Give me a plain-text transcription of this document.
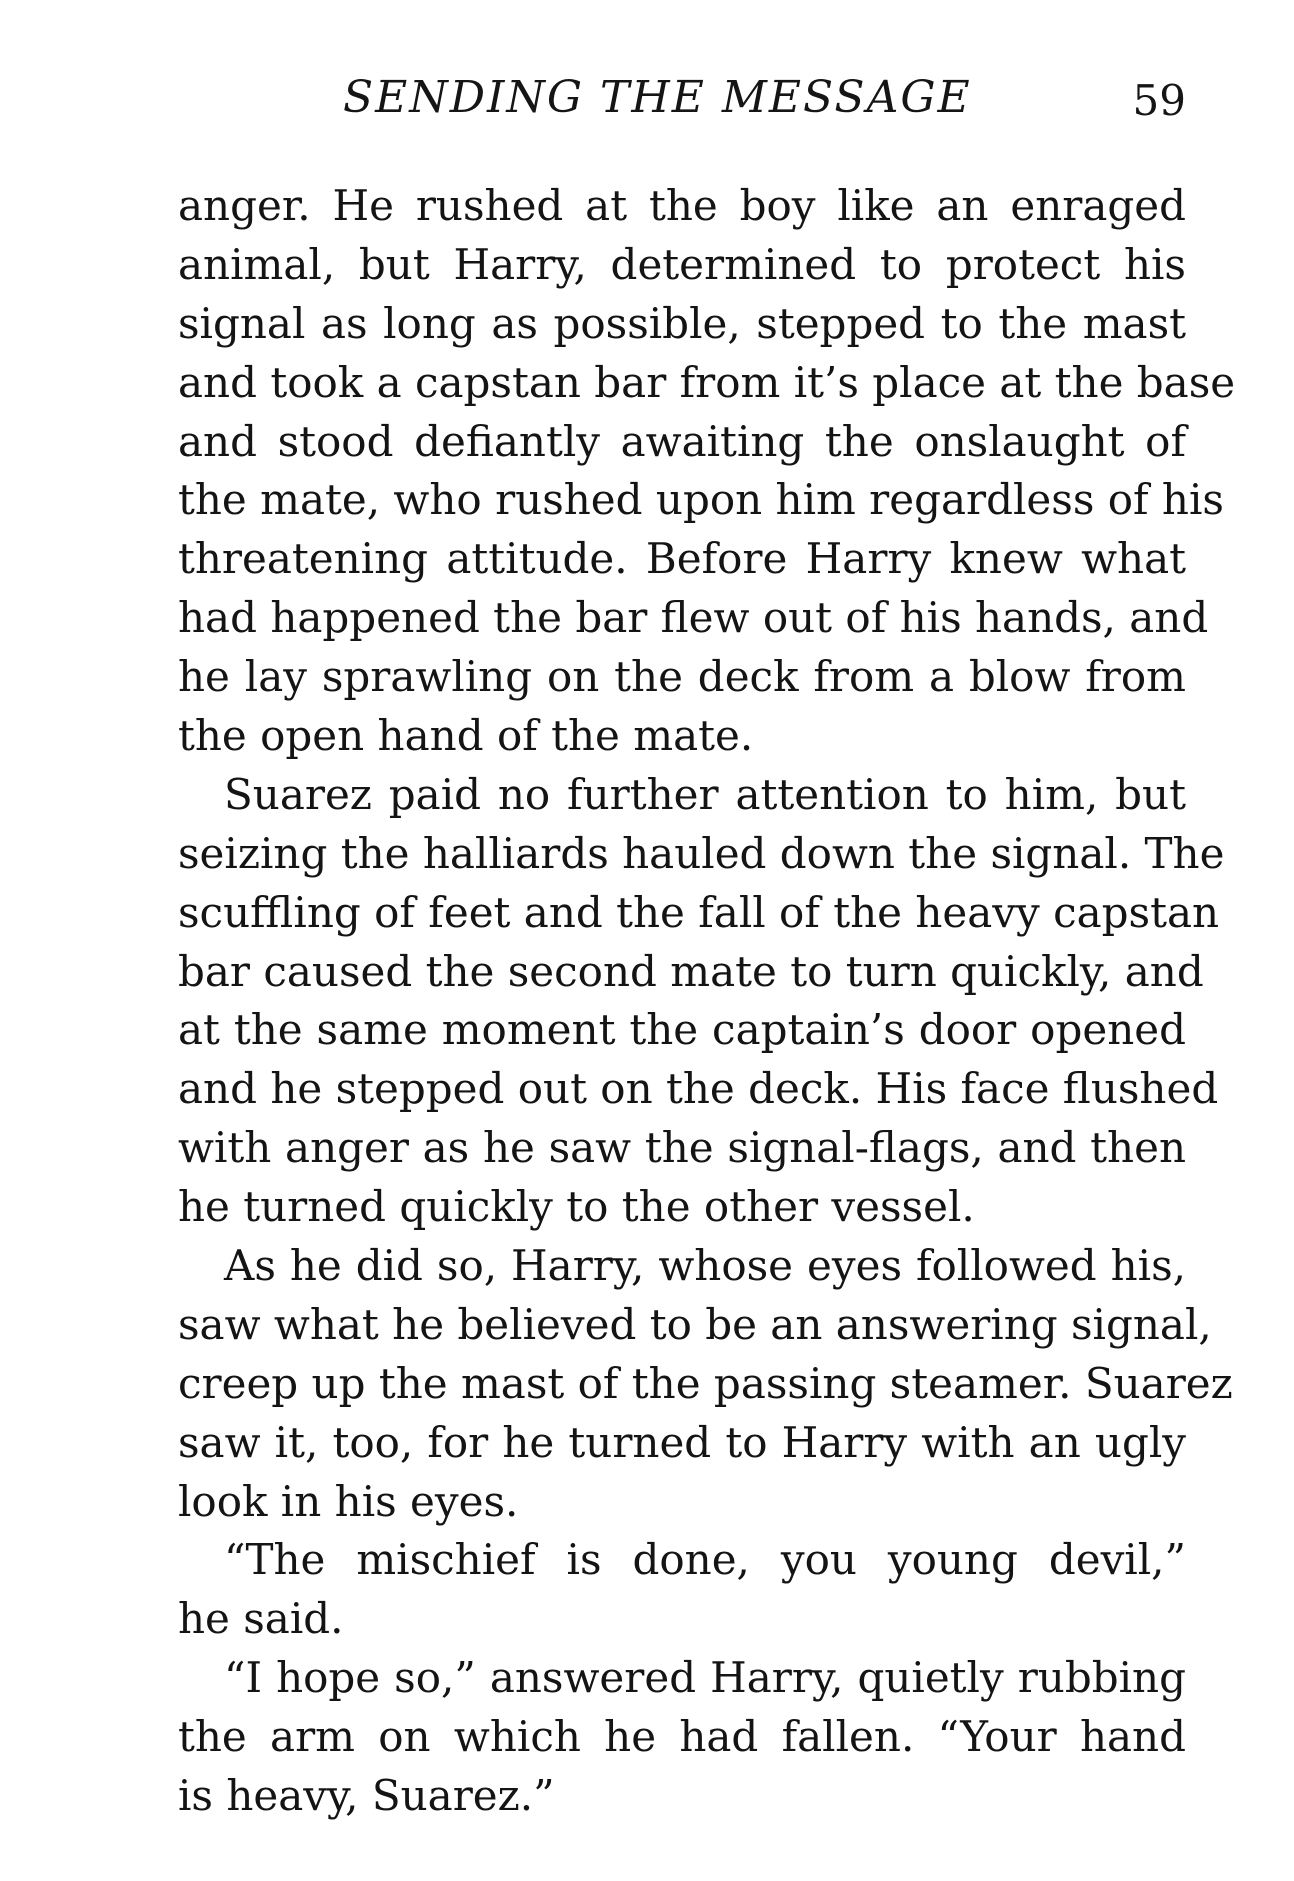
SENDING THE MESSAGE	59
anger. He rushed at the boy like an enraged
animal, but Harry, determined to protect his
signal as long as possible, stepped to the mast
and took a capstan bar from it’s place at the base
and stood defiantly awaiting the onslaught of
the mate, who rushed upon him regardless of his
threatening attitude. Before Harry knew what
had happened the bar flew out of his hands, and
he lay sprawling on the deck from a blow from
the open hand of the mate.
Suarez paid no further attention to him, but
seizing the halliards hauled down the signal. The
scuffling of feet and the fall of the heavy capstan
bar caused the second mate to turn quickly, and
at the same moment the captain’s door opened
and he stepped out on the deck. His face flushed
with anger as he saw the signal-flags, and then
he turned quickly to the other vessel.
As he did so, Harry, whose eyes followed his,
saw what he believed to be an answering signal,
creep up the mast of the passing steamer. Suarez
saw it, too, for he turned to Harry with an ugly
look in his eyes.
“The mischief is done, you young devil,”
he said.
“I hope so,” answered Harry, quietly rubbing
the arm on which he had fallen. “Your hand
is heavy, Suarez.”
